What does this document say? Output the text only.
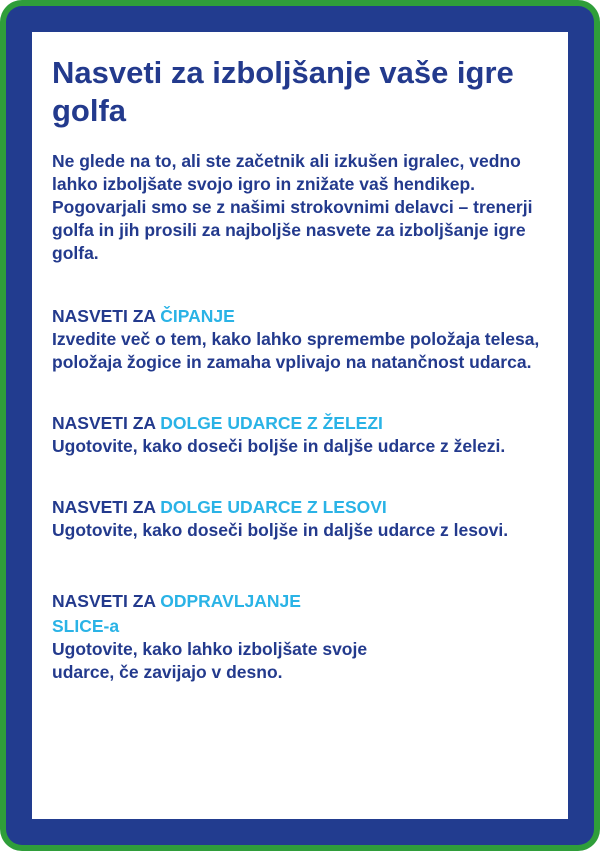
Nasveti za izboljšanje vaše igre golfa

Ne glede na to, ali ste začetnik ali izkušen igralec, vedno lahko izboljšate svojo igro in znižate vaš hendikep. Pogovarjali smo se z našimi strokovnimi delavci – trenerji golfa in jih prosili za najboljše nasvete za izboljšanje igre golfa.

NASVETI ZA ČIPANJE

Izvedite več o tem, kako lahko spremembe položaja telesa, položaja žogice in zamaha vplivajo na natančnost udarca.

NASVETI ZA DOLGE UDARCE Z ŽELEZI

Ugotovite, kako doseči boljše in daljše udarce z železi.

NASVETI ZA DOLGE UDARCE Z LESOVI

Ugotovite, kako doseči boljše in daljše udarce z lesovi.

NASVETI ZA ODPRAVLJANJE
SLICE-a

Ugotovite, kako lahko izboljšate svoje udarce, če zavijajo v desno.
